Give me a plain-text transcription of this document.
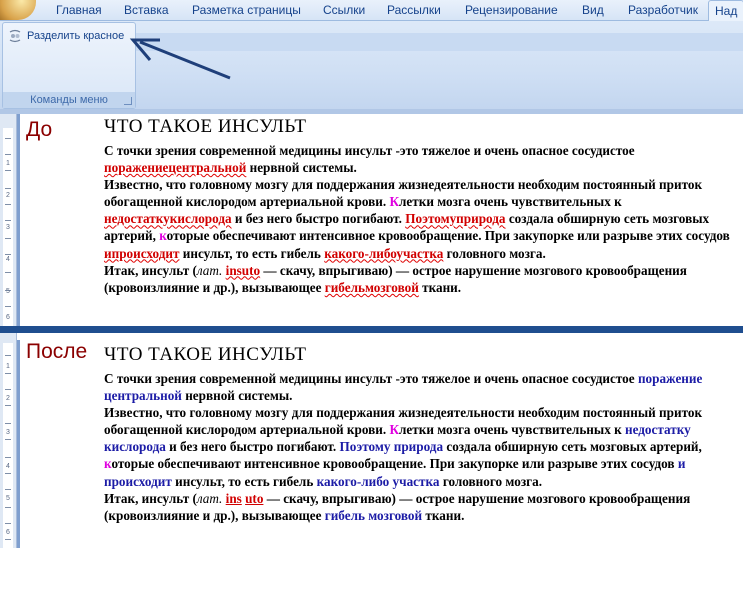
Главная Вставка Разметка страницы Ссылки Рассылки Рецензирование Вид Разработчик	Над
Разделить красное
Команды меню
1
2
3
4
5
6
1
2
3
4
5
6
До
После
ЧТО ТАКОЕ ИНСУЛЬТ

С точки зрения современной медицины инсульт -это тяжелое и очень опасное сосудистое поражениецентральной нервной системы.

Известно, что головному мозгу для поддержания жизнедеятельности необходим постоянный приток обогащенной кислородом артериальной крови. Клетки мозга очень чувствительных к недостаткукислорода и без него быстро погибают. Поэтомуприрода создала обширную сеть мозговых артерий, которые обеспечивают интенсивное кровообращение. При закупорке или разрыве этих сосудов ипроисходит инсульт, то есть гибель какого-либоучастка головного мозга.

Итак, инсульт (лат. insuto — скачу, впрыгиваю) — острое нарушение мозгового кровообращения (кровоизлияние и др.), вызывающее гибельмозговой ткани.

ЧТО ТАКОЕ ИНСУЛЬТ

С точки зрения современной медицины инсульт -это тяжелое и очень опасное сосудистое поражение центральной нервной системы.

Известно, что головному мозгу для поддержания жизнедеятельности необходим постоянный приток обогащенной кислородом артериальной крови. Клетки мозга очень чувствительных к недостатку кислорода и без него быстро погибают. Поэтому природа создала обширную сеть мозговых артерий, которые обеспечивают интенсивное кровообращение. При закупорке или разрыве этих сосудов и происходит инсульт, то есть гибель какого-либо участка головного мозга.

Итак, инсульт (лат. ins uto — скачу, впрыгиваю) — острое нарушение мозгового кровообращения (кровоизлияние и др.), вызывающее гибель мозговой ткани.
